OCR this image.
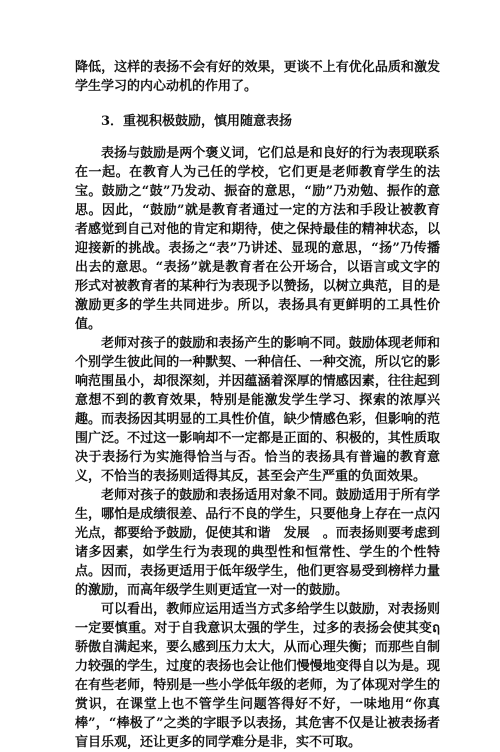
降低，这样的表扬不会有好的效果，更谈不上有优化品质和激发学生学习的内心动机的作用了。

3．重视积极鼓励，慎用随意表扬

表扬与鼓励是两个褒义词，它们总是和良好的行为表现联系在一起。在教育人为己任的学校，它们更是老师教育学生的法宝。鼓励之“鼓”乃发动、振奋的意思，“励”乃劝勉、振作的意思。因此，“鼓励”就是教育者通过一定的方法和手段让被教育者感觉到自己对他的肯定和期待，使之保持最佳的精神状态，以迎接新的挑战。表扬之“表”乃讲述、显现的意思，“扬”乃传播出去的意思。“表扬”就是教育者在公开场合，以语言或文字的形式对被教育者的某种行为表现予以赞扬，以树立典范，目的是激励更多的学生共同进步。所以，表扬具有更鲜明的工具性价值。

老师对孩子的鼓励和表扬产生的影响不同。鼓励体现老师和个别学生彼此间的一种默契、一种信任、一种交流，所以它的影响范围虽小，却很深刻，并因蕴涵着深厚的情感因素，往往起到意想不到的教育效果，特别是能激发学生学习、探索的浓厚兴趣。而表扬因其明显的工具性价值，缺少情感色彩，但影响的范围广泛。不过这一影响却不一定都是正面的、积极的，其性质取决于表扬行为实施得恰当与否。恰当的表扬具有普遍的教育意义，不恰当的表扬则适得其反，甚至会产生严重的负面效果。

老师对孩子的鼓励和表扬适用对象不同。鼓励适用于所有学生，哪怕是成绩很差、品行不良的学生，只要他身上存在一点闪光点，都要给予鼓励，促使其和谐　发展　。而表扬则要考虑到诸多因素，如学生行为表现的典型性和恒常性、学生的个性特点。因而，表扬更适用于低年级学生，他们更容易受到榜样力量的激励，而高年级学生则更适宜一对一的鼓励。

可以看出，教师应运用适当方式多给学生以鼓励，对表扬则一定要慎重。对于自我意识太强的学生，过多的表扬会使其变ฤ骄傲自满起来，要么感到压力太大，从而心理失衡；而那些自制力较强的学生，过度的表扬也会让他们慢慢地变得自以为是。现在有些老师，特别是一些小学低年级的老师，为了体现对学生的赏识，在课堂上也不管学生问题答得好不好，一味地用“你真棒”，“棒极了”之类的字眼予以表扬，其危害不仅是让被表扬者盲目乐观，还让更多的同学难分是非，实不可取。
